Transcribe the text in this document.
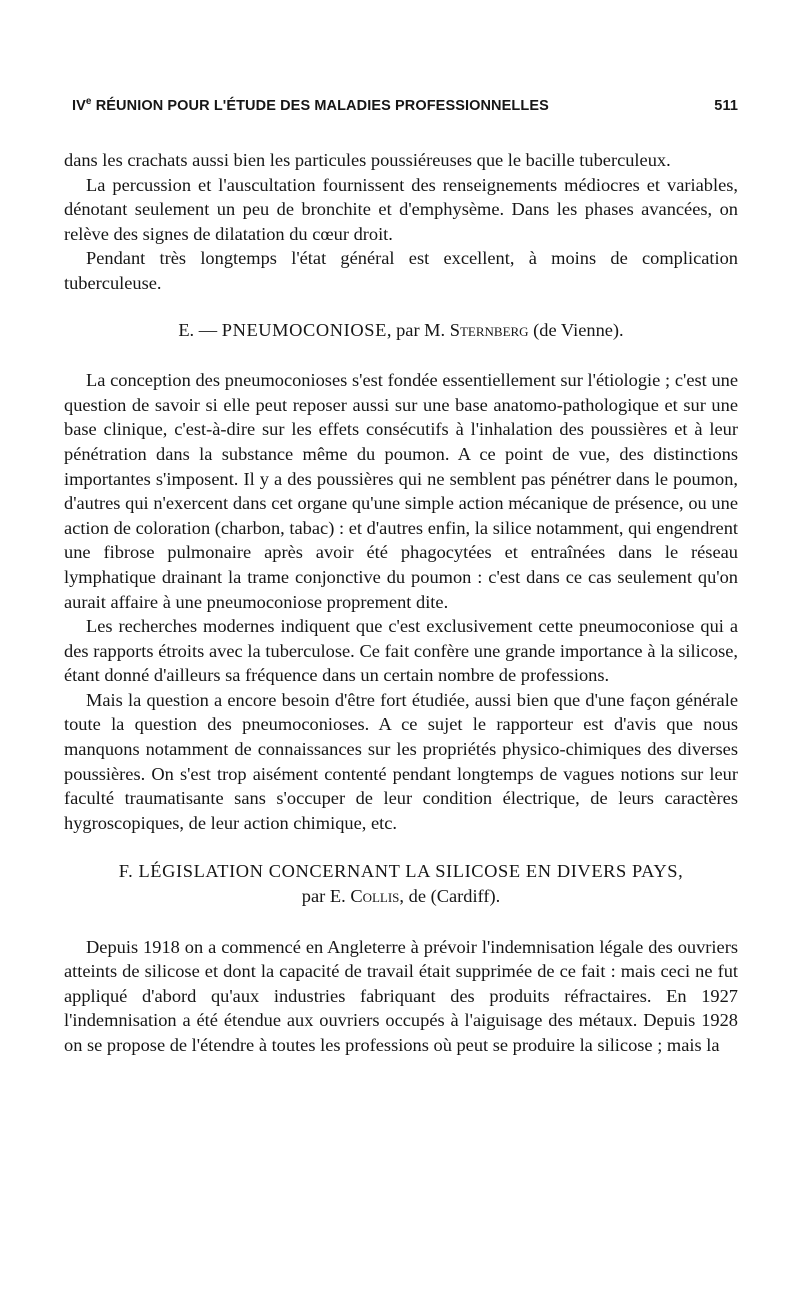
IVe RÉUNION POUR L'ÉTUDE DES MALADIES PROFESSIONNELLES	511

dans les crachats aussi bien les particules poussiéreuses que le bacille tuberculeux.

La percussion et l'auscultation fournissent des renseignements médiocres et variables, dénotant seulement un peu de bronchite et d'emphysème. Dans les phases avancées, on relève des signes de dilatation du cœur droit.

Pendant très longtemps l'état général est excellent, à moins de complication tuberculeuse.

E. — PNEUMOCONIOSE, par M. Sternberg (de Vienne).

La conception des pneumoconioses s'est fondée essentiellement sur l'étiologie ; c'est une question de savoir si elle peut reposer aussi sur une base anatomo-pathologique et sur une base clinique, c'est-à-dire sur les effets consécutifs à l'inhalation des poussières et à leur pénétration dans la substance même du poumon. A ce point de vue, des distinctions importantes s'imposent. Il y a des poussières qui ne semblent pas pénétrer dans le poumon, d'autres qui n'exercent dans cet organe qu'une simple action mécanique de présence, ou une action de coloration (charbon, tabac) : et d'autres enfin, la silice notamment, qui engendrent une fibrose pulmonaire après avoir été phagocytées et entraînées dans le réseau lymphatique drainant la trame conjonctive du poumon : c'est dans ce cas seulement qu'on aurait affaire à une pneumoconiose proprement dite.

Les recherches modernes indiquent que c'est exclusivement cette pneumoconiose qui a des rapports étroits avec la tuberculose. Ce fait confère une grande importance à la silicose, étant donné d'ailleurs sa fréquence dans un certain nombre de professions.

Mais la question a encore besoin d'être fort étudiée, aussi bien que d'une façon générale toute la question des pneumoconioses. A ce sujet le rapporteur est d'avis que nous manquons notamment de connaissances sur les propriétés physico-chimiques des diverses poussières. On s'est trop aisément contenté pendant longtemps de vagues notions sur leur faculté traumatisante sans s'occuper de leur condition électrique, de leurs caractères hygroscopiques, de leur action chimique, etc.

F. LÉGISLATION CONCERNANT LA SILICOSE EN DIVERS PAYS,
par E. Collis, de (Cardiff).

Depuis 1918 on a commencé en Angleterre à prévoir l'indemnisation légale des ouvriers atteints de silicose et dont la capacité de travail était supprimée de ce fait : mais ceci ne fut appliqué d'abord qu'aux industries fabriquant des produits réfractaires. En 1927 l'indemnisation a été étendue aux ouvriers occupés à l'aiguisage des métaux. Depuis 1928 on se propose de l'étendre à toutes les professions où peut se produire la silicose ; mais la
